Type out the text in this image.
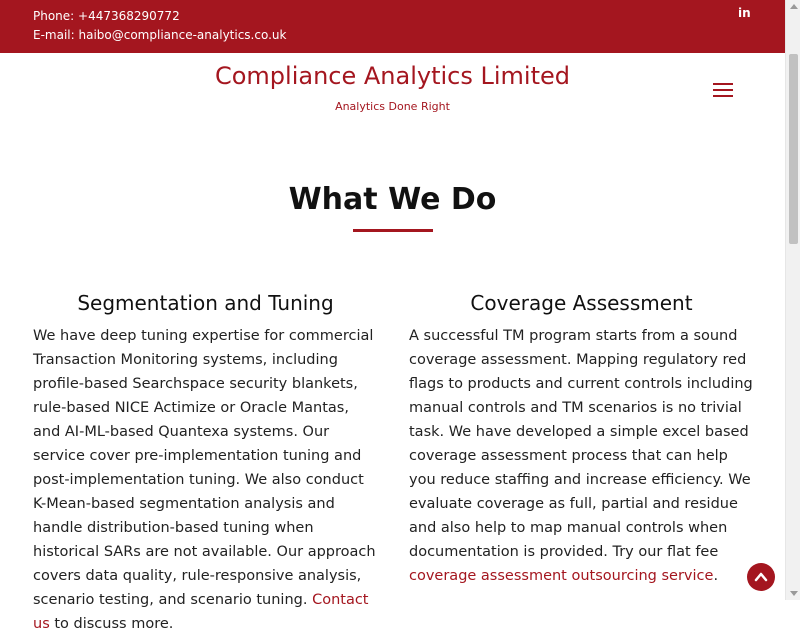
Phone: +447368290772
E-mail: haibo@compliance-analytics.co.uk
in
Compliance Analytics Limited
Analytics Done Right
What We Do
Segmentation and Tuning

We have deep tuning expertise for commercial Transaction Monitoring systems, including profile-based Searchspace security blankets, rule-based NICE Actimize or Oracle Mantas, and AI-ML-based Quantexa systems. Our service cover pre-implementation tuning and post-implementation tuning. We also conduct K-Mean-based segmentation analysis and handle distribution-based tuning when historical SARs are not available. Our approach covers data quality, rule-responsive analysis, scenario testing, and scenario tuning. Contact us to discuss more.

Coverage Assessment

A successful TM program starts from a sound coverage assessment. Mapping regulatory red flags to products and current controls including manual controls and TM scenarios is no trivial task. We have developed a simple excel based coverage assessment process that can help you reduce staffing and increase efficiency. We evaluate coverage as full, partial and residue and also help to map manual controls when documentation is provided. Try our flat fee coverage assessment outsourcing service.
